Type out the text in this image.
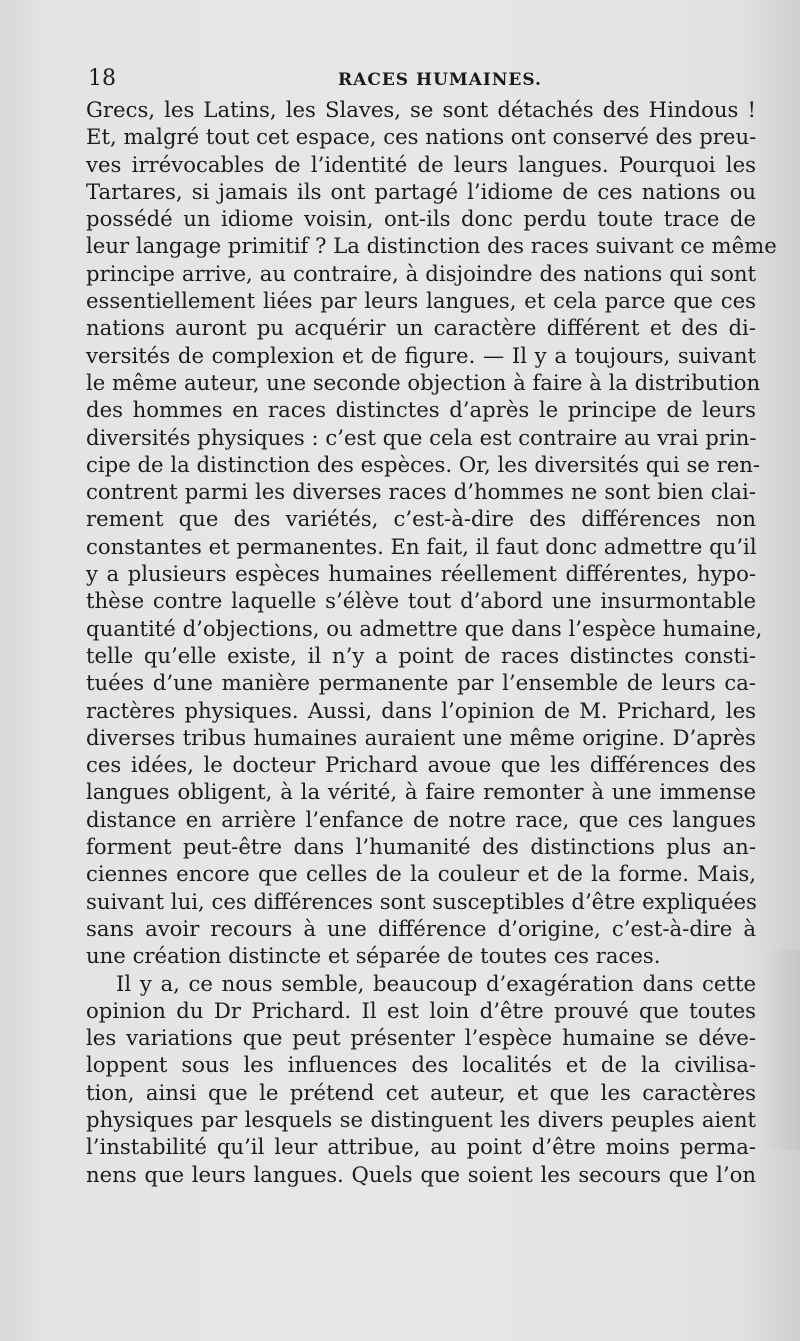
18	RACES HUMAINES.
Grecs, les Latins, les Slaves, se sont détachés des Hindous !
Et, malgré tout cet espace, ces nations ont conservé des preu-
ves irrévocables de l’identité de leurs langues. Pourquoi les
Tartares, si jamais ils ont partagé l’idiome de ces nations ou
possédé un idiome voisin, ont-ils donc perdu toute trace de
leur langage primitif ? La distinction des races suivant ce même
principe arrive, au contraire, à disjoindre des nations qui sont
essentiellement liées par leurs langues, et cela parce que ces
nations auront pu acquérir un caractère différent et des di-
versités de complexion et de figure. — Il y a toujours, suivant
le même auteur, une seconde objection à faire à la distribution
des hommes en races distinctes d’après le principe de leurs
diversités physiques : c’est que cela est contraire au vrai prin-
cipe de la distinction des espèces. Or, les diversités qui se ren-
contrent parmi les diverses races d’hommes ne sont bien clai-
rement que des variétés, c’est-à-dire des différences non
constantes et permanentes. En fait, il faut donc admettre qu’il
y a plusieurs espèces humaines réellement différentes, hypo-
thèse contre laquelle s’élève tout d’abord une insurmontable
quantité d’objections, ou admettre que dans l’espèce humaine,
telle qu’elle existe, il n’y a point de races distinctes consti-
tuées d’une manière permanente par l’ensemble de leurs ca-
ractères physiques. Aussi, dans l’opinion de M. Prichard, les
diverses tribus humaines auraient une même origine. D’après
ces idées, le docteur Prichard avoue que les différences des
langues obligent, à la vérité, à faire remonter à une immense
distance en arrière l’enfance de notre race, que ces langues
forment peut-être dans l’humanité des distinctions plus an-
ciennes encore que celles de la couleur et de la forme. Mais,
suivant lui, ces différences sont susceptibles d’être expliquées
sans avoir recours à une différence d’origine, c’est-à-dire à
une création distincte et séparée de toutes ces races.
Il y a, ce nous semble, beaucoup d’exagération dans cette
opinion du Dr Prichard. Il est loin d’être prouvé que toutes
les variations que peut présenter l’espèce humaine se déve-
loppent sous les influences des localités et de la civilisa-
tion, ainsi que le prétend cet auteur, et que les caractères
physiques par lesquels se distinguent les divers peuples aient
l’instabilité qu’il leur attribue, au point d’être moins perma-
nens que leurs langues. Quels que soient les secours que l’on
